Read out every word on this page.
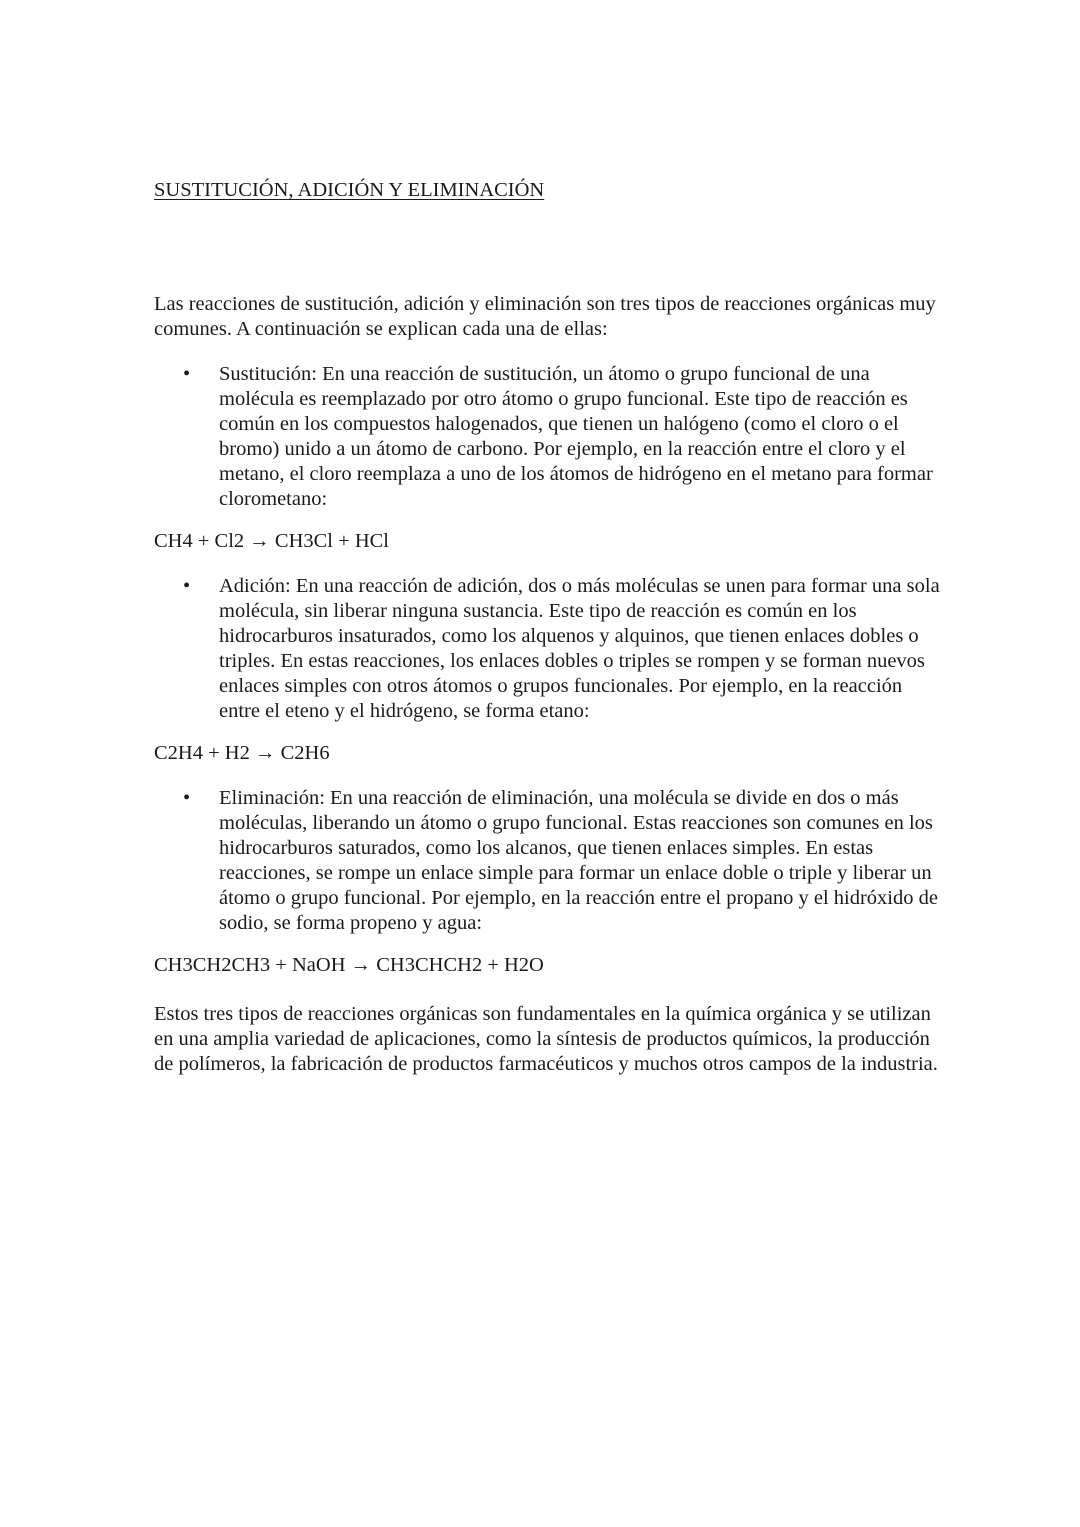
SUSTITUCIÓN, ADICIÓN Y ELIMINACIÓN

Las reacciones de sustitución, adición y eliminación son tres tipos de reacciones orgánicas muy comunes. A continuación se explican cada una de ellas:

• Sustitución: En una reacción de sustitución, un átomo o grupo funcional de una molécula es reemplazado por otro átomo o grupo funcional. Este tipo de reacción es común en los compuestos halogenados, que tienen un halógeno (como el cloro o el bromo) unido a un átomo de carbono. Por ejemplo, en la reacción entre el cloro y el metano, el cloro reemplaza a uno de los átomos de hidrógeno en el metano para formar clorometano:

CH4 + Cl2 → CH3Cl + HCl

• Adición: En una reacción de adición, dos o más moléculas se unen para formar una sola molécula, sin liberar ninguna sustancia. Este tipo de reacción es común en los hidrocarburos insaturados, como los alquenos y alquinos, que tienen enlaces dobles o triples. En estas reacciones, los enlaces dobles o triples se rompen y se forman nuevos enlaces simples con otros átomos o grupos funcionales. Por ejemplo, en la reacción entre el eteno y el hidrógeno, se forma etano:

C2H4 + H2 → C2H6

• Eliminación: En una reacción de eliminación, una molécula se divide en dos o más moléculas, liberando un átomo o grupo funcional. Estas reacciones son comunes en los hidrocarburos saturados, como los alcanos, que tienen enlaces simples. En estas reacciones, se rompe un enlace simple para formar un enlace doble o triple y liberar un átomo o grupo funcional. Por ejemplo, en la reacción entre el propano y el hidróxido de sodio, se forma propeno y agua:

CH3CH2CH3 + NaOH → CH3CHCH2 + H2O

Estos tres tipos de reacciones orgánicas son fundamentales en la química orgánica y se utilizan en una amplia variedad de aplicaciones, como la síntesis de productos químicos, la producción de polímeros, la fabricación de productos farmacéuticos y muchos otros campos de la industria.
